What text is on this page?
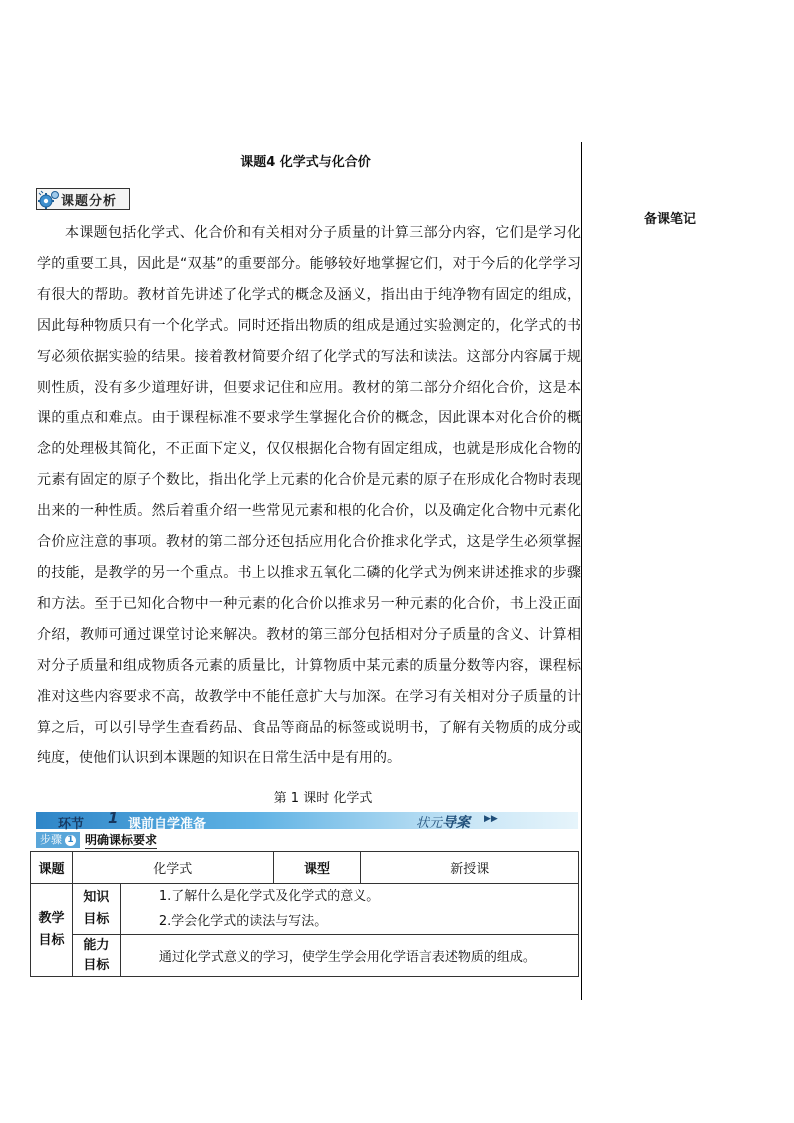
课题4 化学式与化合价
备课笔记
课题分析
本课题包括化学式、化合价和有关相对分子质量的计算三部分内容，它们是学习化学的重要工具，因此是“双基”的重要部分。能够较好地掌握它们，对于今后的化学学习有很大的帮助。教材首先讲述了化学式的概念及涵义，指出由于纯净物有固定的组成，因此每种物质只有一个化学式。同时还指出物质的组成是通过实验测定的，化学式的书写必须依据实验的结果。接着教材简要介绍了化学式的写法和读法。这部分内容属于规则性质，没有多少道理好讲，但要求记住和应用。教材的第二部分介绍化合价，这是本课的重点和难点。由于课程标准不要求学生掌握化合价的概念，因此课本对化合价的概念的处理极其简化，不正面下定义，仅仅根据化合物有固定组成，也就是形成化合物的元素有固定的原子个数比，指出化学上元素的化合价是元素的原子在形成化合物时表现出来的一种性质。然后着重介绍一些常见元素和根的化合价，以及确定化合物中元素化合价应注意的事项。教材的第二部分还包括应用化合价推求化学式，这是学生必须掌握的技能，是教学的另一个重点。书上以推求五氧化二磷的化学式为例来讲述推求的步骤和方法。至于已知化合物中一种元素的化合价以推求另一种元素的化合价，书上没正面介绍，教师可通过课堂讨论来解决。教材的第三部分包括相对分子质量的含义、计算相对分子质量和组成物质各元素的质量比，计算物质中某元素的质量分数等内容，课程标准对这些内容要求不高，故教学中不能任意扩大与加深。在学习有关相对分子质量的计算之后，可以引导学生查看药品、食品等商品的标签或说明书，了解有关物质的成分或纯度，使他们认识到本课题的知识在日常生活中是有用的。
第 1 课时 化学式
环节 1 课前自学准备	状元导案 ▶▶
步骤 1 明确课标要求
课题	化学式		课型	新授课
教学目标	知识目标	1.了解什么是化学式及化学式的意义。
2.学会化学式的读法与写法。		

	能力目标	通过化学式意义的学习，使学生学会用化学语言表述物质的组成。		
